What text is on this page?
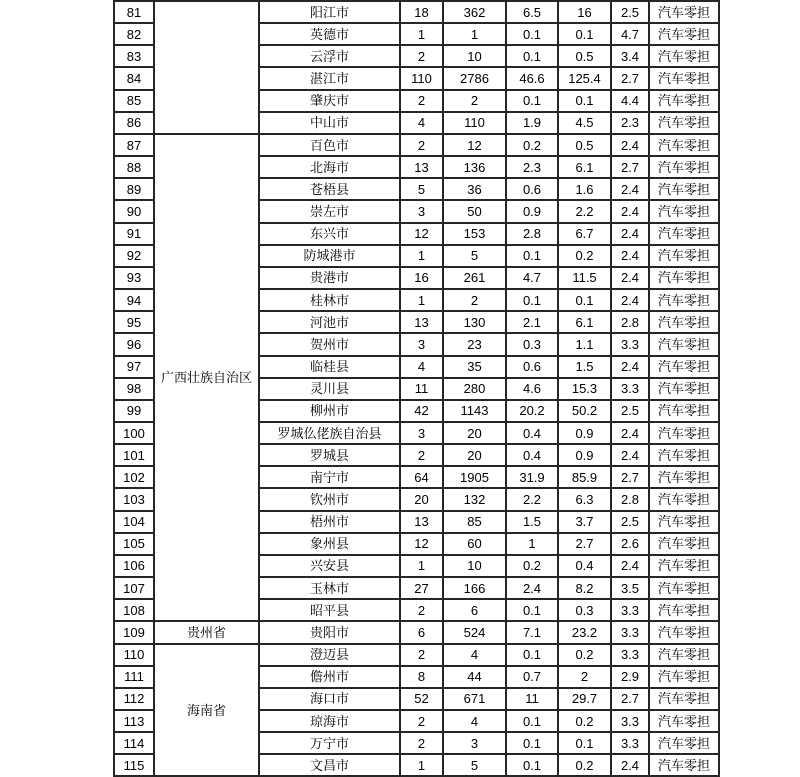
81		阳江市	18	362	6.5	16	2.5	汽车零担
82		英德市	1	1	0.1	0.1	4.7	汽车零担
83		云浮市	2	10	0.1	0.5	3.4	汽车零担
84		湛江市	110	2786	46.6	125.4	2.7	汽车零担
85		肇庆市	2	2	0.1	0.1	4.4	汽车零担
86		中山市	4	110	1.9	4.5	2.3	汽车零担
87	广西壮族自治区	百色市	2	12	0.2	0.5	2.4	汽车零担
88		北海市	13	136	2.3	6.1	2.7	汽车零担
89		苍梧县	5	36	0.6	1.6	2.4	汽车零担
90		崇左市	3	50	0.9	2.2	2.4	汽车零担
91		东兴市	12	153	2.8	6.7	2.4	汽车零担
92		防城港市	1	5	0.1	0.2	2.4	汽车零担
93		贵港市	16	261	4.7	11.5	2.4	汽车零担
94		桂林市	1	2	0.1	0.1	2.4	汽车零担
95		河池市	13	130	2.1	6.1	2.8	汽车零担
96		贺州市	3	23	0.3	1.1	3.3	汽车零担
97		临桂县	4	35	0.6	1.5	2.4	汽车零担
98		灵川县	11	280	4.6	15.3	3.3	汽车零担
99		柳州市	42	1143	20.2	50.2	2.5	汽车零担
100		罗城仫佬族自治县	3	20	0.4	0.9	2.4	汽车零担
101		罗城县	2	20	0.4	0.9	2.4	汽车零担
102		南宁市	64	1905	31.9	85.9	2.7	汽车零担
103		钦州市	20	132	2.2	6.3	2.8	汽车零担
104		梧州市	13	85	1.5	3.7	2.5	汽车零担
105		象州县	12	60	1	2.7	2.6	汽车零担
106		兴安县	1	10	0.2	0.4	2.4	汽车零担
107		玉林市	27	166	2.4	8.2	3.5	汽车零担
108		昭平县	2	6	0.1	0.3	3.3	汽车零担
109	贵州省	贵阳市	6	524	7.1	23.2	3.3	汽车零担
110	海南省	澄迈县	2	4	0.1	0.2	3.3	汽车零担
111		儋州市	8	44	0.7	2	2.9	汽车零担
112		海口市	52	671	11	29.7	2.7	汽车零担
113		琼海市	2	4	0.1	0.2	3.3	汽车零担
114		万宁市	2	3	0.1	0.1	3.3	汽车零担
115		文昌市	1	5	0.1	0.2	2.4	汽车零担
